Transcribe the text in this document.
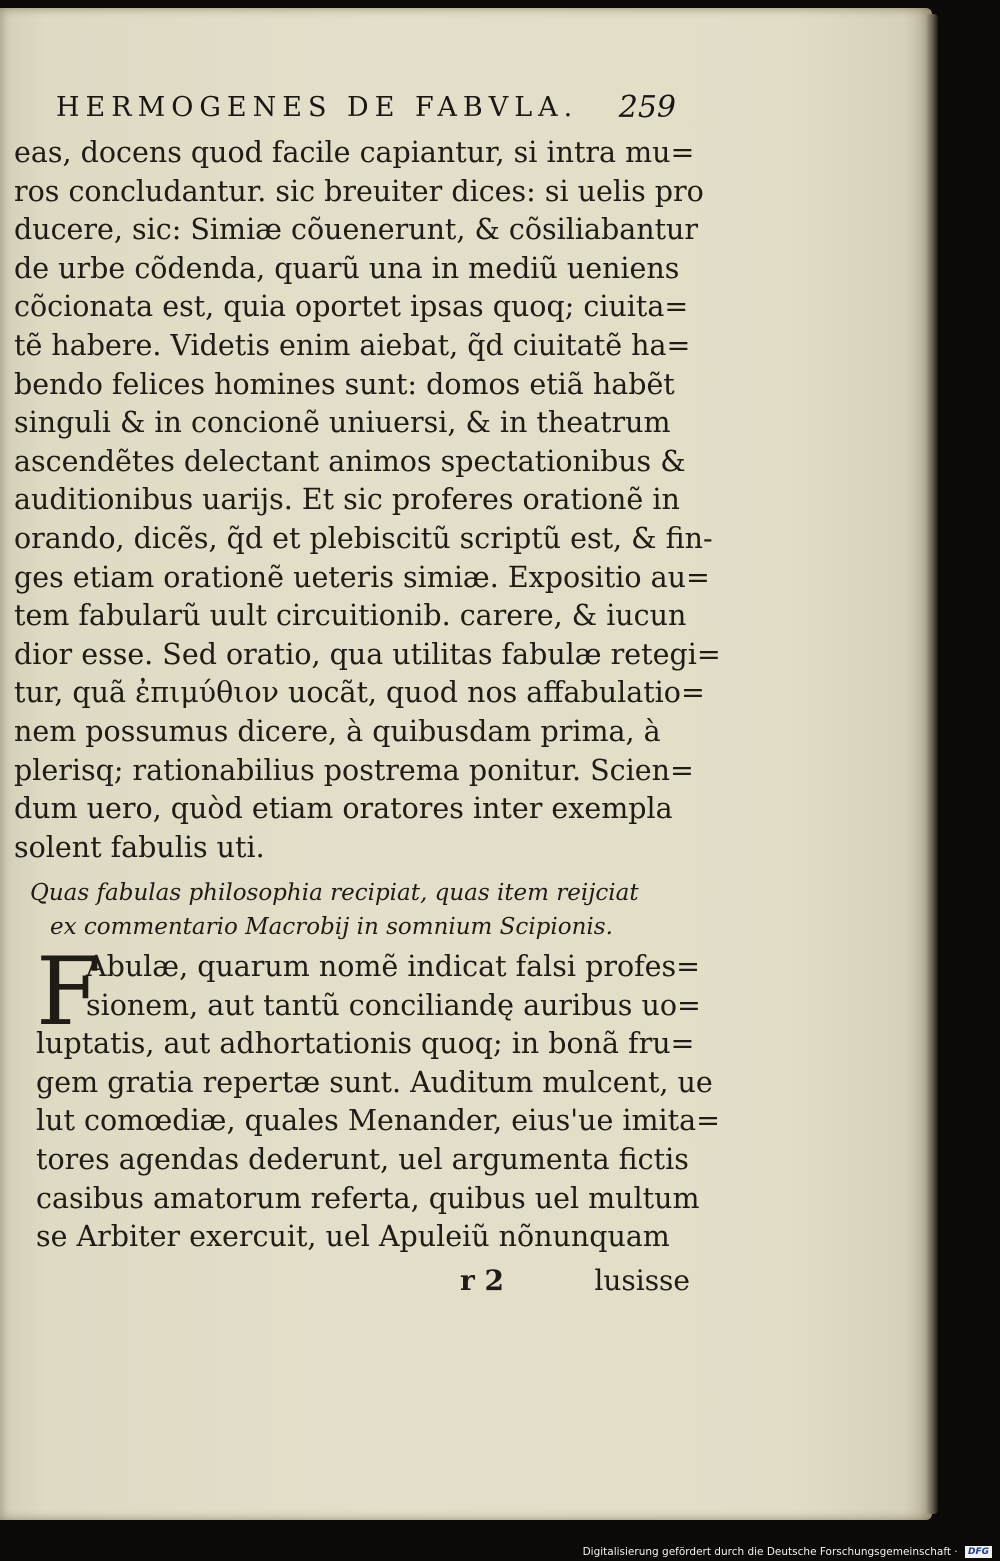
HERMOGENES DE FABVLA. 259
eas, docens quod facile capiantur, si intra mu=
ros concludantur. sic breuiter dices: si uelis pro
ducere, sic: Simiæ cõuenerunt, & cõsiliabantur
de urbe cõdenda, quarũ una in mediũ ueniens
cõcionata est, quia oportet ipsas quoq; ciuita=
tẽ habere. Videtis enim aiebat, q̃d ciuitatẽ ha=
bendo felices homines sunt: domos etiã habẽt
singuli & in concionẽ uniuersi, & in theatrum
ascendẽtes delectant animos spectationibus &
auditionibus uarijs. Et sic proferes orationẽ in
orando, dicẽs, q̃d et plebiscitũ scriptũ est, & fin-
ges etiam orationẽ ueteris simiæ. Expositio au=
tem fabularũ uult circuitionib. carere, & iucun
dior esse. Sed oratio, qua utilitas fabulæ retegi=
tur, quã ἐπιμύθιον uocãt, quod nos affabulatio=
nem possumus dicere, à quibusdam prima, à
plerisq; rationabilius postrema ponitur. Scien=
dum uero, quòd etiam oratores inter exempla
solent fabulis uti.
Quas fabulas philosophia recipiat, quas item reijciat
ex commentario Macrobij in somnium Scipionis.
F
Abulæ, quarum nomẽ indicat falsi profes=
sionem, aut tantũ conciliandę auribus uo=
luptatis, aut adhortationis quoq; in bonã fru=
gem gratia repertæ sunt. Auditum mulcent, ue
lut comœdiæ, quales Menander, eius'ue imita=
tores agendas dederunt, uel argumenta fictis
casibus amatorum referta, quibus uel multum
se Arbiter exercuit, uel Apuleiũ nõnunquam
r 2	lusisse
Digitalisierung gefördert durch die Deutsche Forschungsgemeinschaft · DFG
